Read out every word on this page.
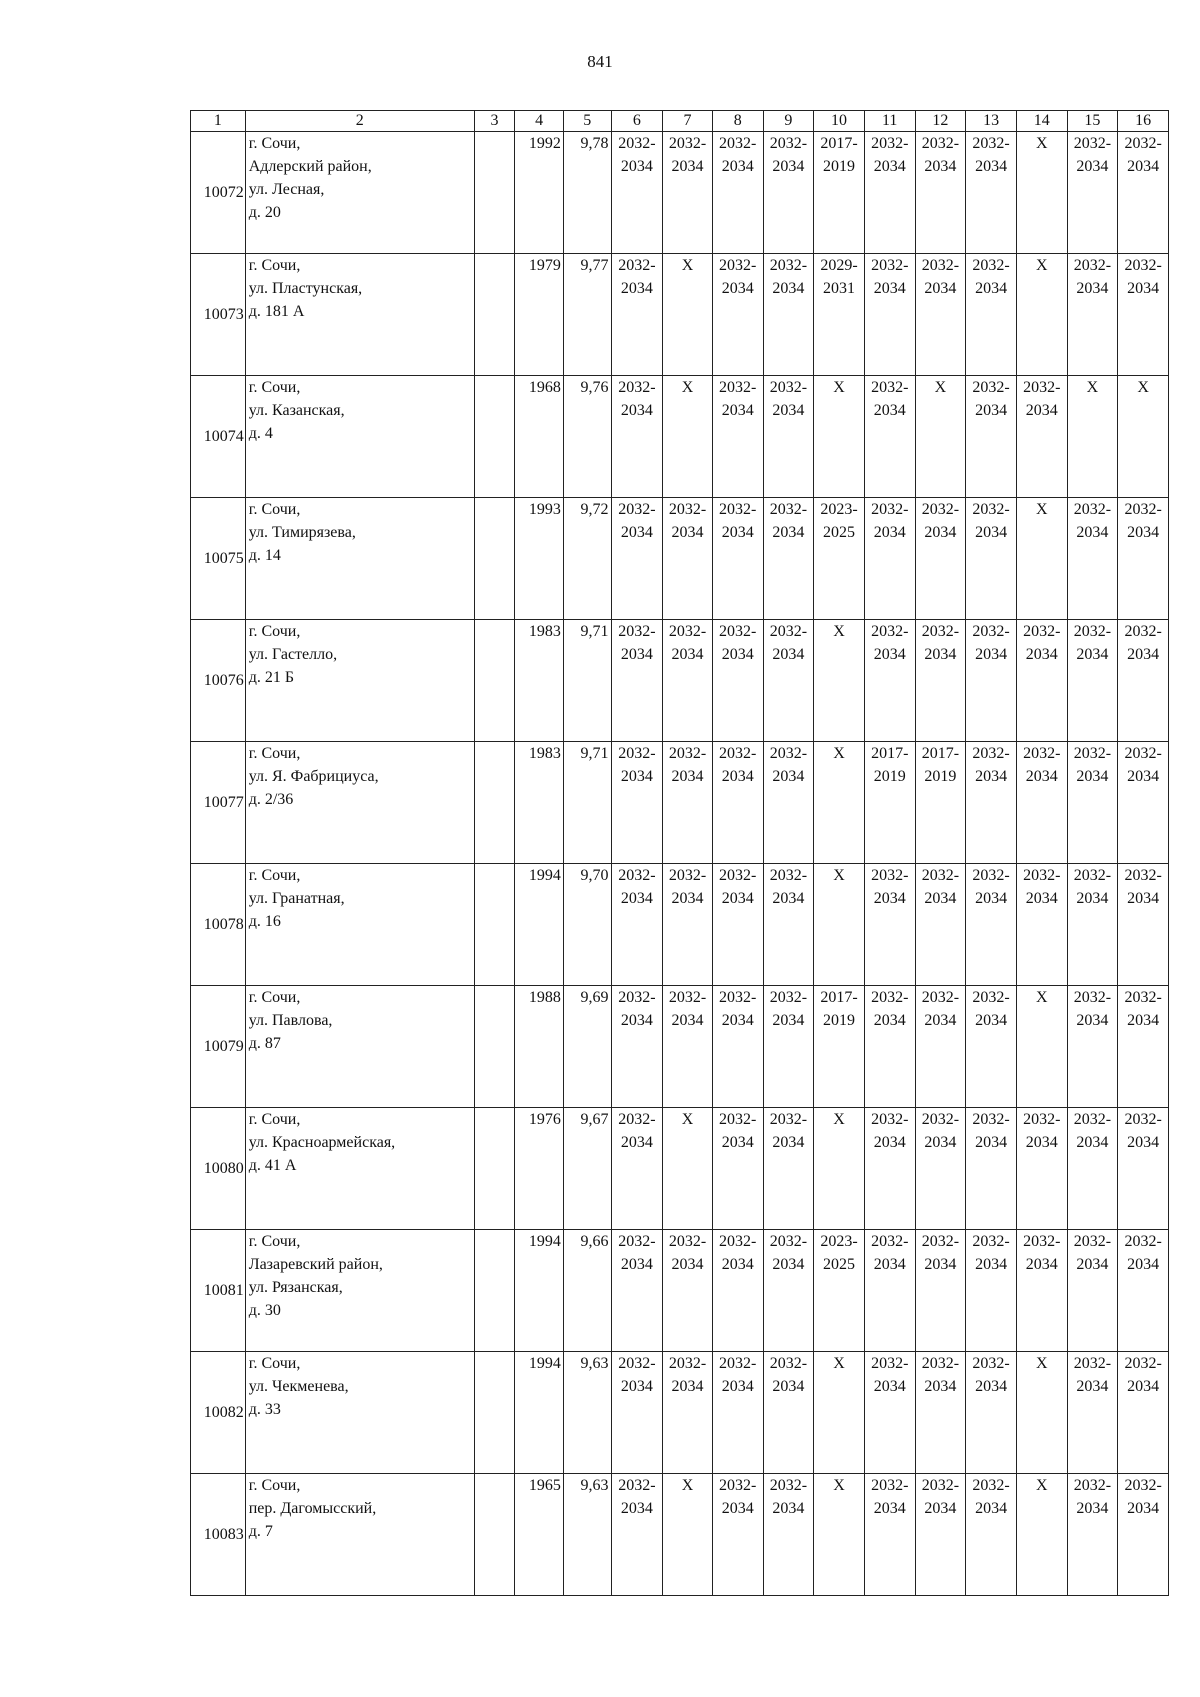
841
1	2	3	4	5	6	7	8	9	10	11	12	13	14	15	16
10072	г. Сочи,
Адлерский район,
ул. Лесная,
д. 20		1992	9,78	2032-
2034	2032-
2034	2032-
2034	2032-
2034	2017-
2019	2032-
2034	2032-
2034	2032-
2034	Х	2032-
2034	2032-
2034

10073	г. Сочи,
ул. Пластунская,
д. 181 А		1979	9,77	2032-
2034	Х	2032-
2034	2032-
2034	2029-
2031	2032-
2034	2032-
2034	2032-
2034	Х	2032-
2034	2032-
2034

10074	г. Сочи,
ул. Казанская,
д. 4		1968	9,76	2032-
2034	Х	2032-
2034	2032-
2034	Х	2032-
2034	Х	2032-
2034	2032-
2034	Х	Х
10075	г. Сочи,
ул. Тимирязева,
д. 14		1993	9,72	2032-
2034	2032-
2034	2032-
2034	2032-
2034	2023-
2025	2032-
2034	2032-
2034	2032-
2034	Х	2032-
2034	2032-
2034

10076	г. Сочи,
ул. Гастелло,
д. 21 Б		1983	9,71	2032-
2034	2032-
2034	2032-
2034	2032-
2034	Х	2032-
2034	2032-
2034	2032-
2034	2032-
2034	2032-
2034	2032-
2034

10077	г. Сочи,
ул. Я. Фабрициуса,
д. 2/36		1983	9,71	2032-
2034	2032-
2034	2032-
2034	2032-
2034	Х	2017-
2019	2017-
2019	2032-
2034	2032-
2034	2032-
2034	2032-
2034

10078	г. Сочи,
ул. Гранатная,
д. 16		1994	9,70	2032-
2034	2032-
2034	2032-
2034	2032-
2034	Х	2032-
2034	2032-
2034	2032-
2034	2032-
2034	2032-
2034	2032-
2034

10079	г. Сочи,
ул. Павлова,
д. 87		1988	9,69	2032-
2034	2032-
2034	2032-
2034	2032-
2034	2017-
2019	2032-
2034	2032-
2034	2032-
2034	Х	2032-
2034	2032-
2034

10080	г. Сочи,
ул. Красноармейская,
д. 41 А		1976	9,67	2032-
2034	Х	2032-
2034	2032-
2034	Х	2032-
2034	2032-
2034	2032-
2034	2032-
2034	2032-
2034	2032-
2034

10081	г. Сочи,
Лазаревский район,
ул. Рязанская,
д. 30		1994	9,66	2032-
2034	2032-
2034	2032-
2034	2032-
2034	2023-
2025	2032-
2034	2032-
2034	2032-
2034	2032-
2034	2032-
2034	2032-
2034

10082	г. Сочи,
ул. Чекменева,
д. 33		1994	9,63	2032-
2034	2032-
2034	2032-
2034	2032-
2034	Х	2032-
2034	2032-
2034	2032-
2034	Х	2032-
2034	2032-
2034

10083	г. Сочи,
пер. Дагомысский,
д. 7		1965	9,63	2032-
2034	Х	2032-
2034	2032-
2034	Х	2032-
2034	2032-
2034	2032-
2034	Х	2032-
2034	2032-
2034
